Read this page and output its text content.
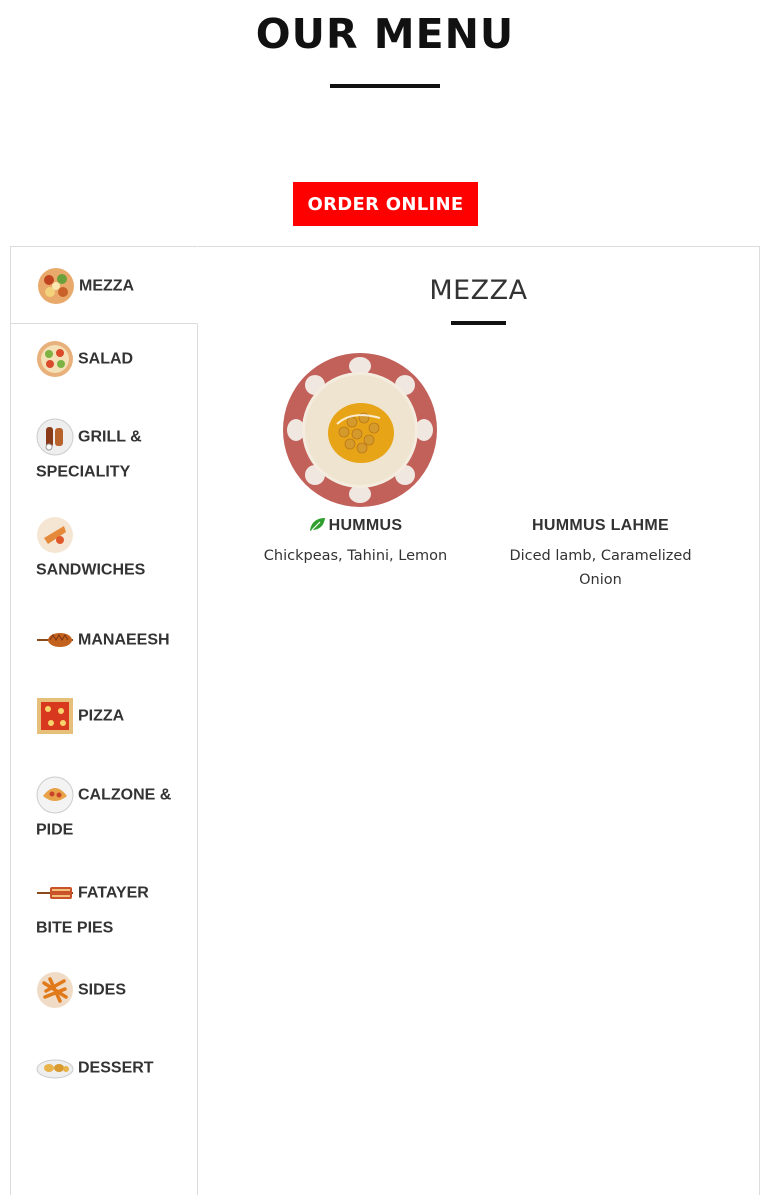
OUR MENU
ORDER ONLINE
MEZZA
SALAD
GRILL & SPECIALITY

SANDWICHES
MANAEESH
PIZZA
CALZONE & PIDE
FATAYER BITE PIES
SIDES
DESSERT
MEZZA
HUMMUS
Chickpeas, Tahini, Lemon
HUMMUS LAHME
Diced lamb, Caramelized Onion
